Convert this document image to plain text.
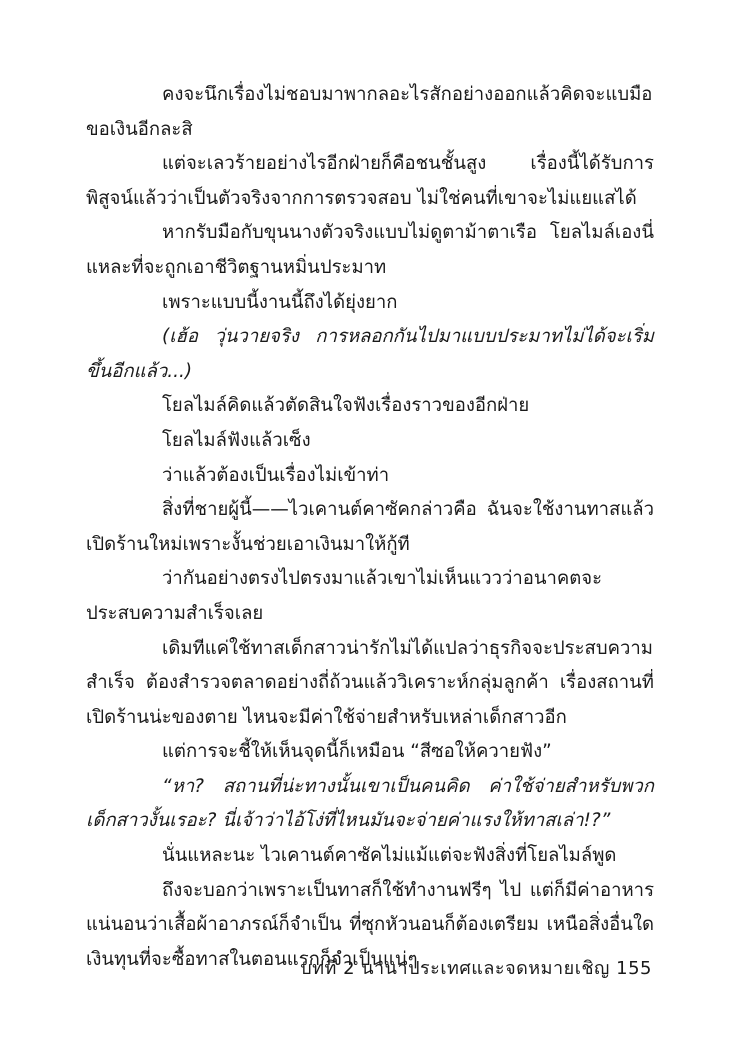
คงจะนึกเรื่องไม่ชอบมาพากลอะไรสักอย่างออกแล้วคิดจะแบมือขอเงินอีกละสิ

แต่จะเลวร้ายอย่างไรอีกฝ่ายก็คือชนชั้นสูง เรื่องนี้ได้รับการพิสูจน์แล้วว่าเป็นตัวจริงจากการตรวจสอบ ไม่ใช่คนที่เขาจะไม่แยแสได้

หากรับมือกับขุนนางตัวจริงแบบไม่ดูตาม้าตาเรือ โยลไมล์เองนี่แหละที่จะถูกเอาชีวิตฐานหมิ่นประมาท

เพราะแบบนี้งานนี้ถึงได้ยุ่งยาก

(เฮ้อ วุ่นวายจริง การหลอกกันไปมาแบบประมาทไม่ได้จะเริ่มขึ้นอีกแล้ว...)

โยลไมล์คิดแล้วตัดสินใจฟังเรื่องราวของอีกฝ่าย

โยลไมล์ฟังแล้วเซ็ง

ว่าแล้วต้องเป็นเรื่องไม่เข้าท่า

สิ่งที่ชายผู้นี้——ไวเคานต์คาซัคกล่าวคือ ฉันจะใช้งานทาสแล้วเปิดร้านใหม่เพราะงั้นช่วยเอาเงินมาให้กู้ที

ว่ากันอย่างตรงไปตรงมาแล้วเขาไม่เห็นแววว่าอนาคตจะประสบความสำเร็จเลย

เดิมทีแค่ใช้ทาสเด็กสาวน่ารักไม่ได้แปลว่าธุรกิจจะประสบความสำเร็จ ต้องสำรวจตลาดอย่างถี่ถ้วนแล้ววิเคราะห์กลุ่มลูกค้า เรื่องสถานที่เปิดร้านน่ะของตาย ไหนจะมีค่าใช้จ่ายสำหรับเหล่าเด็กสาวอีก

แต่การจะชี้ให้เห็นจุดนี้ก็เหมือน “สีซอให้ควายฟัง”

“หา? สถานที่น่ะทางนั้นเขาเป็นคนคิด ค่าใช้จ่ายสำหรับพวกเด็กสาวงั้นเรอะ? นี่เจ้าว่าไอ้โง่ที่ไหนมันจะจ่ายค่าแรงให้ทาสเล่า!?”

นั่นแหละนะ ไวเคานต์คาซัคไม่แม้แต่จะฟังสิ่งที่โยลไมล์พูด

ถึงจะบอกว่าเพราะเป็นทาสก็ใช้ทำงานฟรีๆ ไป แต่ก็มีค่าอาหารแน่นอนว่าเสื้อผ้าอาภรณ์ก็จำเป็น ที่ซุกหัวนอนก็ต้องเตรียม เหนือสิ่งอื่นใดเงินทุนที่จะซื้อทาสในตอนแรกก็จำเป็นแน่ๆ

บทที่ 2 นานาประเทศและจดหมายเชิญ 155
